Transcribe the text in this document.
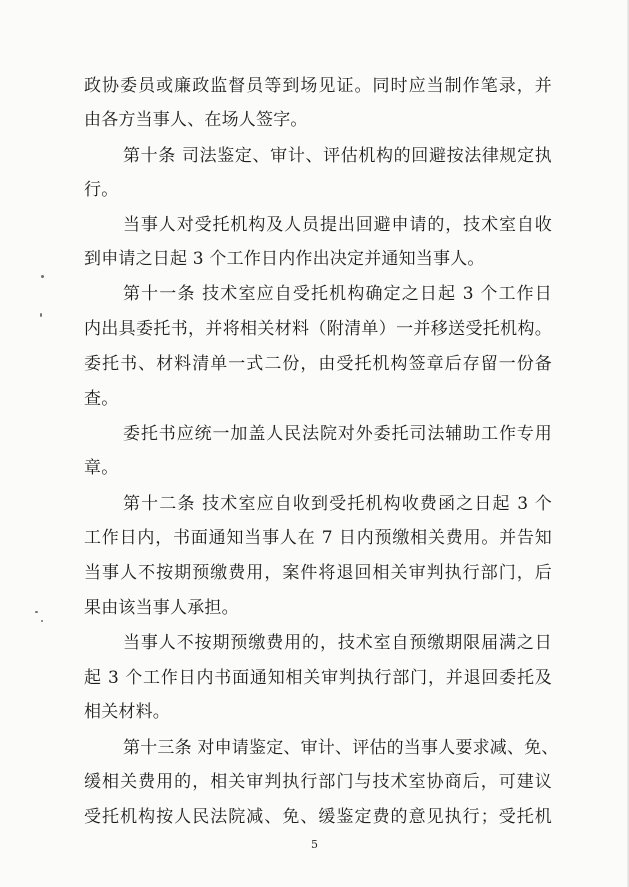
政协委员或廉政监督员等到场见证。同时应当制作笔录，并
由各方当事人、在场人签字。
第十条 司法鉴定、审计、评估机构的回避按法律规定执
行。
当事人对受托机构及人员提出回避申请的，技术室自收
到申请之日起 3 个工作日内作出决定并通知当事人。
第十一条 技术室应自受托机构确定之日起 3 个工作日
内出具委托书，并将相关材料（附清单）一并移送受托机构。
委托书、材料清单一式二份，由受托机构签章后存留一份备
查。
委托书应统一加盖人民法院对外委托司法辅助工作专用
章。
第十二条 技术室应自收到受托机构收费函之日起 3 个
工作日内，书面通知当事人在 7 日内预缴相关费用。并告知
当事人不按期预缴费用，案件将退回相关审判执行部门，后
果由该当事人承担。
当事人不按期预缴费用的，技术室自预缴期限届满之日
起 3 个工作日内书面通知相关审判执行部门，并退回委托及
相关材料。
第十三条 对申请鉴定、审计、评估的当事人要求减、免、
缓相关费用的，相关审判执行部门与技术室协商后，可建议
受托机构按人民法院减、免、缓鉴定费的意见执行；受托机
5
